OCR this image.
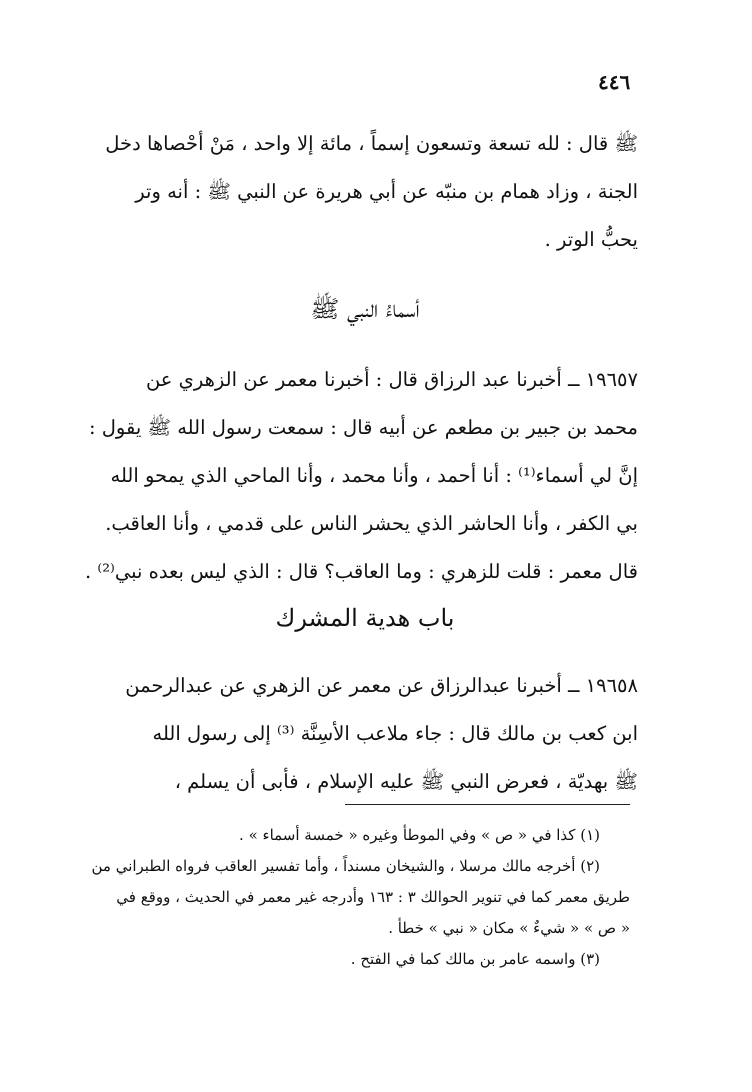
٤٤٦
ﷺ قال : لله تسعة وتسعون إسماً ، مائة إلا واحد ، مَنْ أحْصاها دخل
الجنة ، وزاد همام بن منبّه عن أبي هريرة عن النبي ﷺ : أنه وتر
يحبُّ الوتر .
أسماءُ النبي ﷺ
١٩٦٥٧ ــ أخبرنا عبد الرزاق قال : أخبرنا معمر عن الزهري عن
محمد بن جبير بن مطعم عن أبيه قال : سمعت رسول الله ﷺ يقول :
إنَّ لي أسماء⁽¹⁾ : أنا أحمد ، وأنا محمد ، وأنا الماحي الذي يمحو الله
بي الكفر ، وأنا الحاشر الذي يحشر الناس على قدمي ، وأنا العاقب.
قال معمر : قلت للزهري : وما العاقب؟ قال : الذي ليس بعده نبي⁽²⁾ .
باب هدية المشرك
١٩٦٥٨ ــ أخبرنا عبدالرزاق عن معمر عن الزهري عن عبدالرحمن
ابن كعب بن مالك قال : جاء ملاعب الأسِنَّة ⁽³⁾ إلى رسول الله
ﷺ بهديّة ، فعرض النبي ﷺ عليه الإسلام ، فأبى أن يسلم ،
(١) كذا في « ص » وفي الموطأ وغيره « خمسة أسماء » .
(٢) أخرجه مالك مرسلا ، والشيخان مسنداً ، وأما تفسير العاقب فرواه الطبراني من
طريق معمر كما في تنوير الحوالك ٣ : ١٦٣ وأدرجه غير معمر في الحديث ، ووقع في
« ص » « شيءٌ » مكان « نبي » خطأ .
(٣) واسمه عامر بن مالك كما في الفتح .
